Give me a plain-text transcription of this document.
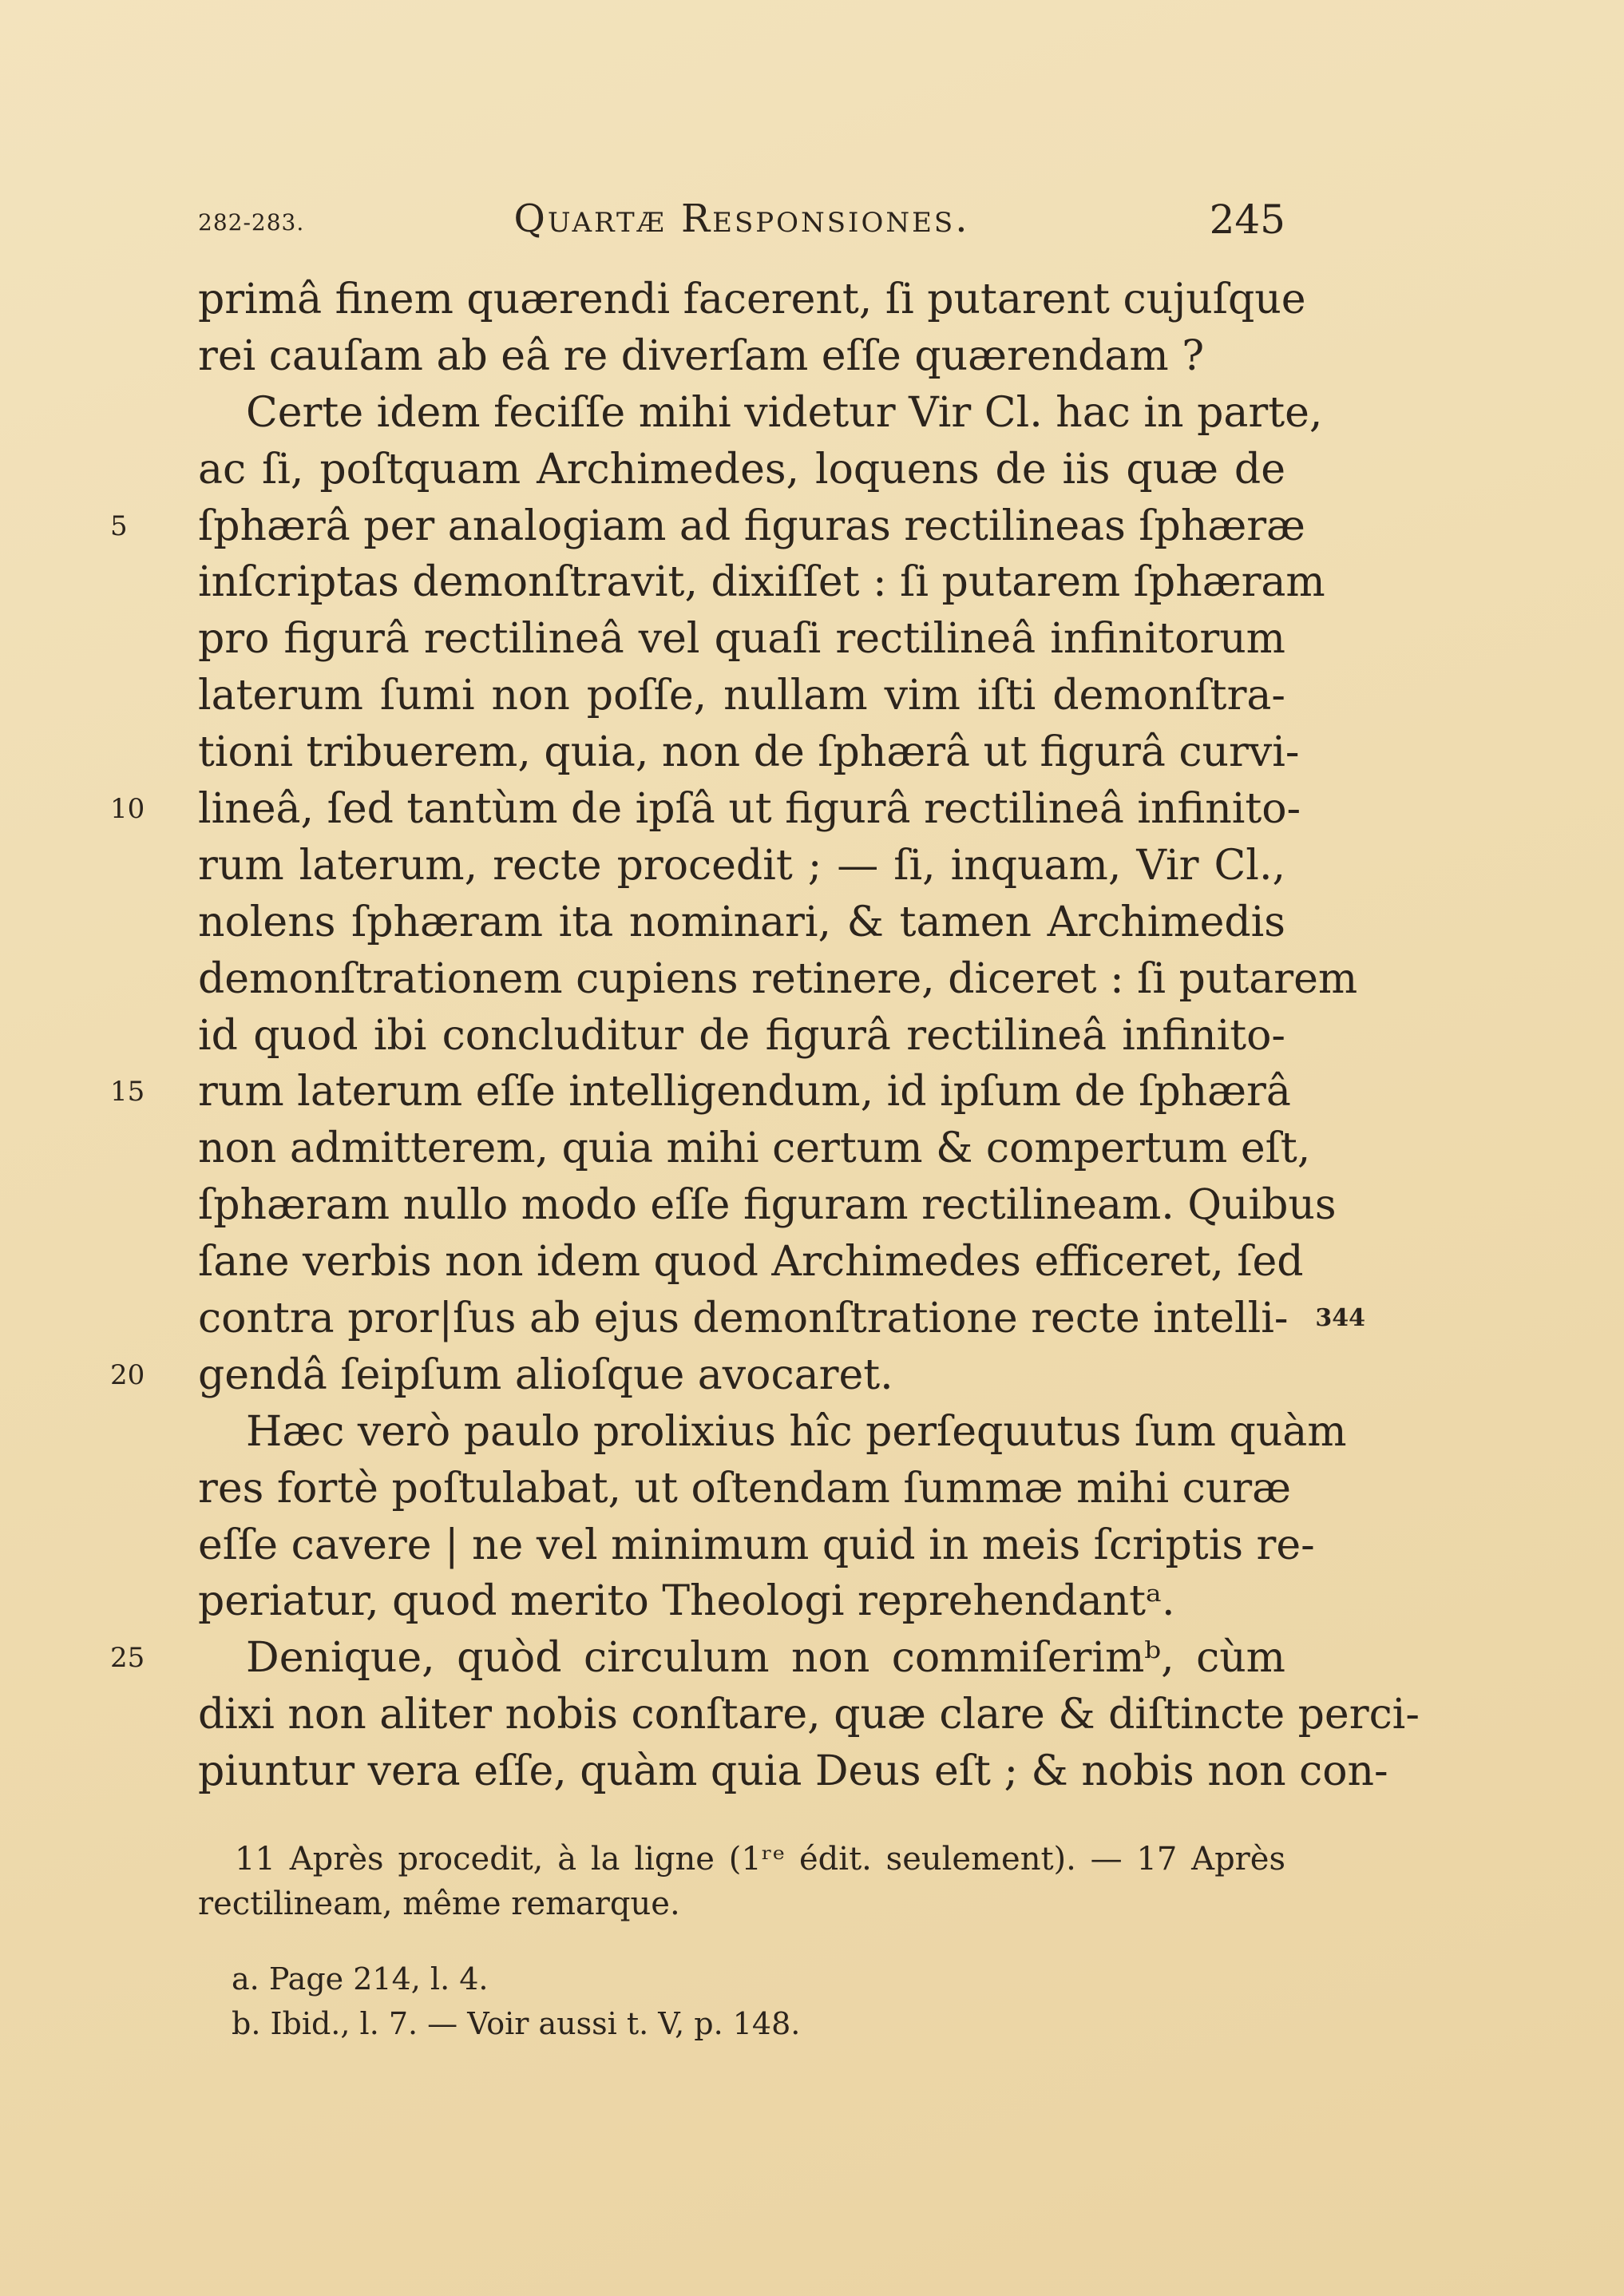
282-283.	Quartæ Responsiones.	245
primâ finem quærendi facerent, ſi putarent cujuſque
rei cauſam ab eâ re diverſam eſſe quærendam ?
Certe idem feciſſe mihi videtur Vir Cl. hac in parte,
ac ſi, poſtquam Archimedes, loquens de iis quæ de
5	ſphærâ per analogiam ad figuras rectilineas ſphæræ
inſcriptas demonſtravit, dixiſſet : ſi putarem ſphæram
pro figurâ rectilineâ vel quaſi rectilineâ infinitorum
laterum ſumi non poſſe, nullam vim iſti demonſtra-
tioni tribuerem, quia, non de ſphærâ ut figurâ curvi-
10	lineâ, ſed tantùm de ipſâ ut figurâ rectilineâ infinito-
rum laterum, recte procedit ; — ſi, inquam, Vir Cl.,
nolens ſphæram ita nominari, & tamen Archimedis
demonſtrationem cupiens retinere, diceret : ſi putarem
id quod ibi concluditur de figurâ rectilineâ infinito-
15	rum laterum eſſe intelligendum, id ipſum de ſphærâ
non admitterem, quia mihi certum & compertum eſt,
ſphæram nullo modo eſſe figuram rectilineam. Quibus
ſane verbis non idem quod Archimedes efficeret, ſed
contra pror|ſus ab ejus demonſtratione recte intelli- 344
20	gendâ ſeipſum alioſque avocaret.
Hæc verò paulo prolixius hîc perſequutus ſum quàm
res fortè poſtulabat, ut oſtendam ſummæ mihi curæ
eſſe cavere | ne vel minimum quid in meis ſcriptis re-
periatur, quod merito Theologi reprehendantᵃ.
25	Denique, quòd circulum non commiſerimᵇ, cùm
dixi non aliter nobis conſtare, quæ clare & diſtincte perci-
piuntur vera eſſe, quàm quia Deus eſt ; & nobis non con-
11 Après procedit, à la ligne (1ʳᵉ édit. seulement). — 17 Après
rectilineam, même remarque.
a. Page 214, l. 4.
b. Ibid., l. 7. — Voir aussi t. V, p. 148.
